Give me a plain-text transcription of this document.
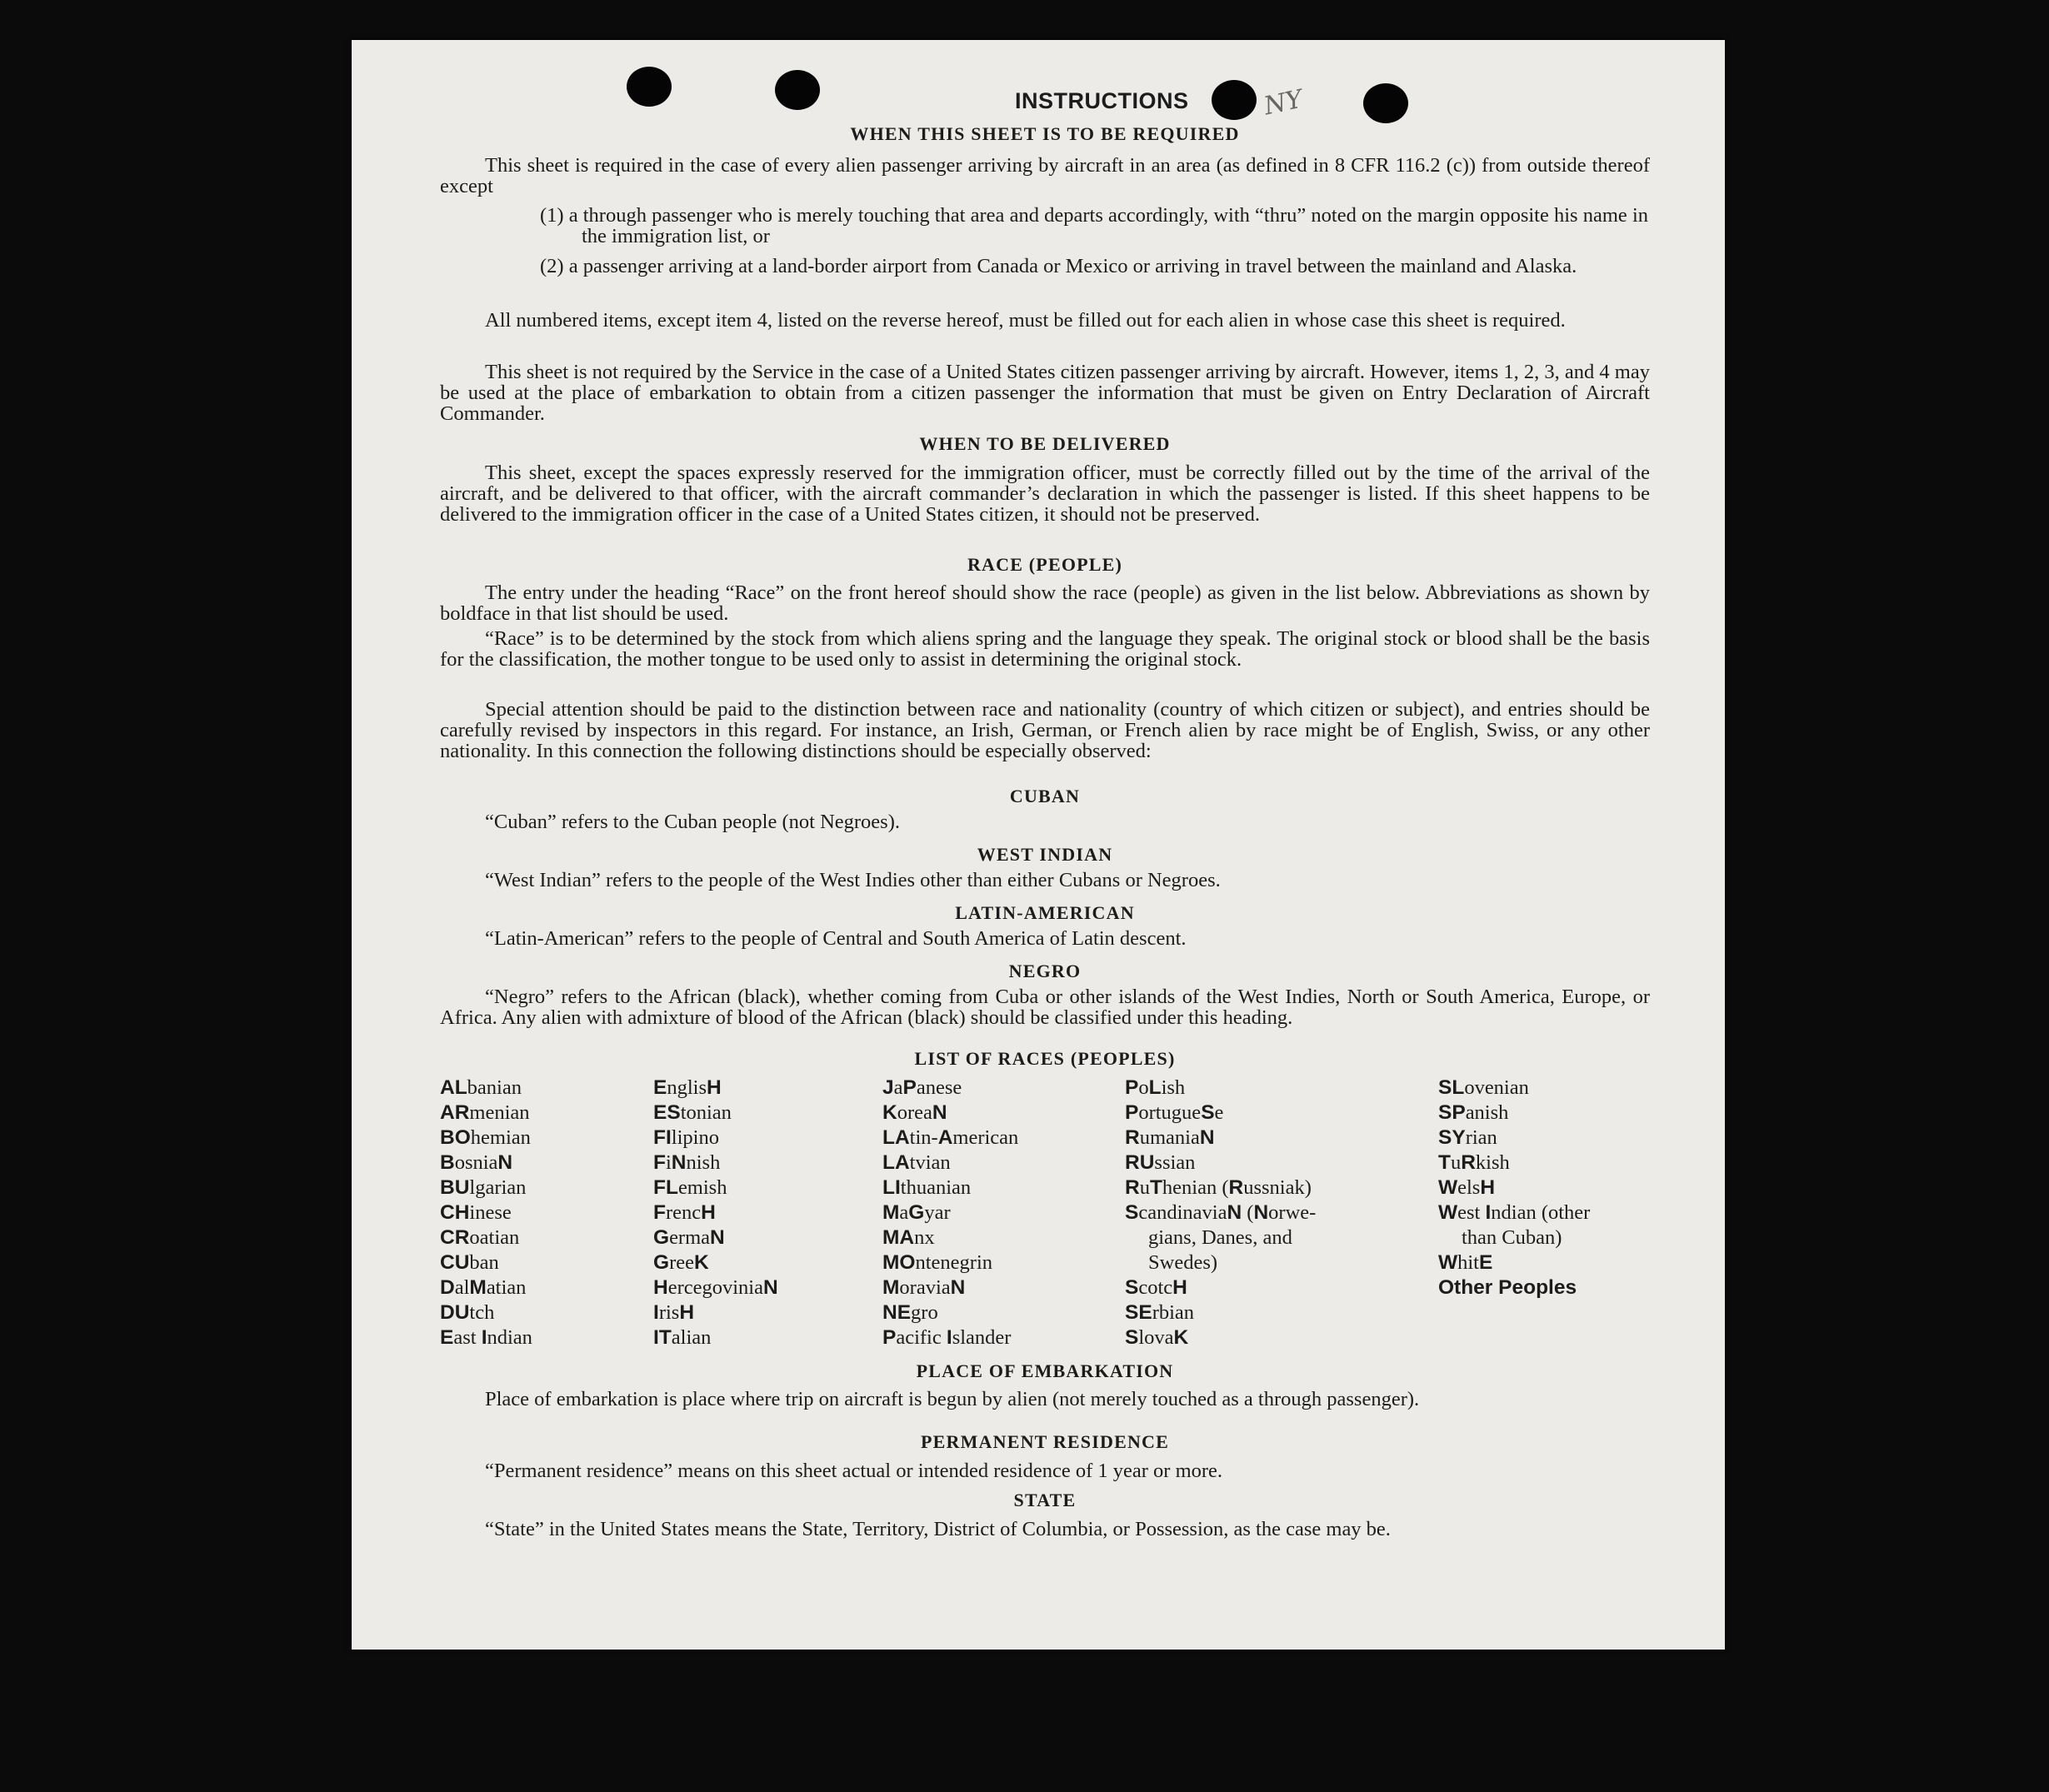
NY
INSTRUCTIONS
WHEN THIS SHEET IS TO BE REQUIRED
This sheet is required in the case of every alien passenger arriving by aircraft in an area (as defined in 8 CFR 116.2 (c)) from outside thereof except
(1) a through passenger who is merely touching that area and departs accordingly, with “thru” noted on the margin opposite his name in the immigration list, or
(2) a passenger arriving at a land-border airport from Canada or Mexico or arriving in travel between the mainland and Alaska.
All numbered items, except item 4, listed on the reverse hereof, must be filled out for each alien in whose case this sheet is required.
This sheet is not required by the Service in the case of a United States citizen passenger arriving by aircraft. However, items 1, 2, 3, and 4 may be used at the place of embarkation to obtain from a citizen passenger the information that must be given on Entry Declaration of Aircraft Commander.
WHEN TO BE DELIVERED
This sheet, except the spaces expressly reserved for the immigration officer, must be correctly filled out by the time of the arrival of the aircraft, and be delivered to that officer, with the aircraft commander’s declaration in which the passenger is listed. If this sheet happens to be delivered to the immigration officer in the case of a United States citizen, it should not be preserved.
RACE (PEOPLE)
The entry under the heading “Race” on the front hereof should show the race (people) as given in the list below. Abbreviations as shown by boldface in that list should be used.
“Race” is to be determined by the stock from which aliens spring and the language they speak. The original stock or blood shall be the basis for the classification, the mother tongue to be used only to assist in determining the original stock.
Special attention should be paid to the distinction between race and nationality (country of which citizen or subject), and entries should be carefully revised by inspectors in this regard. For instance, an Irish, German, or French alien by race might be of English, Swiss, or any other nationality. In this connection the following distinctions should be especially observed:
CUBAN
“Cuban” refers to the Cuban people (not Negroes).
WEST INDIAN
“West Indian” refers to the people of the West Indies other than either Cubans or Negroes.
LATIN-AMERICAN
“Latin-American” refers to the people of Central and South America of Latin descent.
NEGRO
“Negro” refers to the African (black), whether coming from Cuba or other islands of the West Indies, North or South America, Europe, or Africa. Any alien with admixture of blood of the African (black) should be classified under this heading.
LIST OF RACES (PEOPLES)
ALbanian
ARmenian
BOhemian
BosniaN
BUlgarian
CHinese
CRoatian
CUban
DalMatian
DUtch
East Indian
EnglisH
EStonian
FIlipino
FiNnish
FLemish
FrencH
GermaN
GreeK
HercegoviniaN
IrisH
ITalian
JaPanese
KoreaN
LAtin-American
LAtvian
LIthuanian
MaGyar
MAnx
MOntenegrin
MoraviaN
NEgro
Pacific Islander
PoLish
PortugueSe
RumaniaN
RUssian
RuThenian (Russniak)
ScandinaviaN (Norwe-
gians, Danes, and
Swedes)
ScotcH
SErbian
SlovaK
SLovenian
SPanish
SYrian
TuRkish
WelsH
West Indian (other
than Cuban)
WhitE
Other Peoples
PLACE OF EMBARKATION
Place of embarkation is place where trip on aircraft is begun by alien (not merely touched as a through passenger).
PERMANENT RESIDENCE
“Permanent residence” means on this sheet actual or intended residence of 1 year or more.
STATE
“State” in the United States means the State, Territory, District of Columbia, or Possession, as the case may be.
